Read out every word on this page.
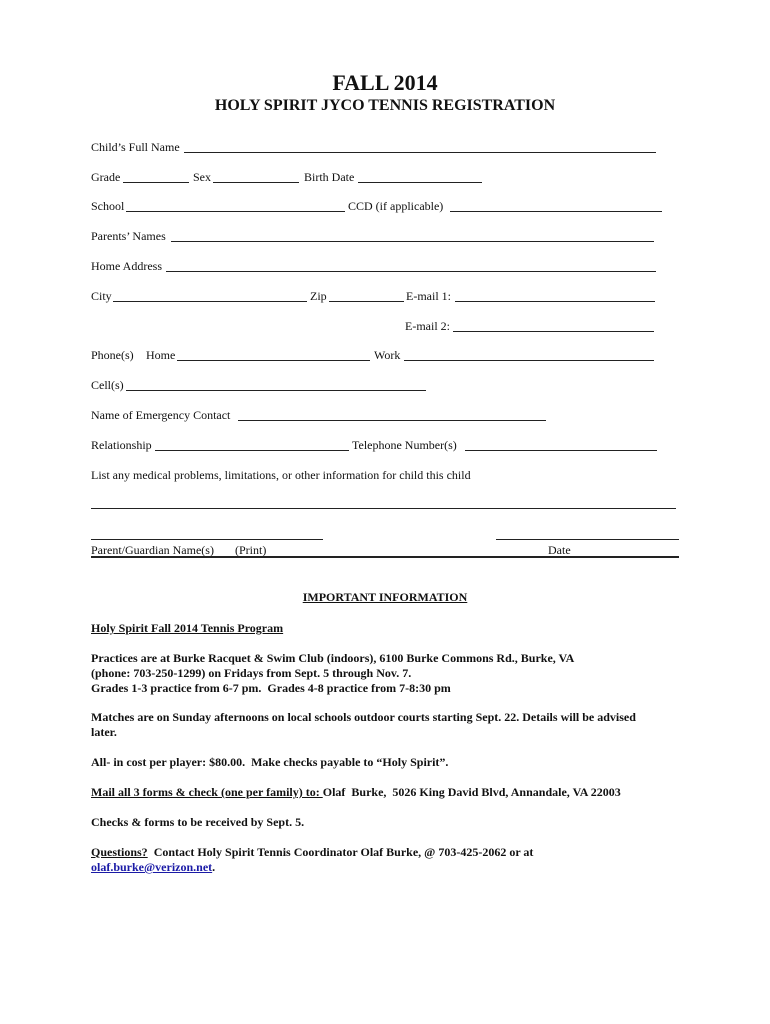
FALL 2014
HOLY SPIRIT JYCO TENNIS REGISTRATION
Child’s Full Name
Grade	Sex	Birth Date
School	CCD (if applicable)
Parents’ Names
Home Address
City	Zip	E-mail 1:
E-mail 2:
Phone(s) Home	Work
Cell(s)
Name of Emergency Contact
Relationship	Telephone Number(s)
List any medical problems, limitations, or other information for child this child
Parent/Guardian Name(s) (Print)	Date
IMPORTANT INFORMATION
Holy Spirit Fall 2014 Tennis Program
Practices are at Burke Racquet & Swim Club (indoors), 6100 Burke Commons Rd., Burke, VA
(phone: 703-250-1299) on Fridays from Sept. 5 through Nov. 7.
Grades 1-3 practice from 6-7 pm.  Grades 4-8 practice from 7-8:30 pm
Matches are on Sunday afternoons on local schools outdoor courts starting Sept. 22. Details will be advised
later.
All- in cost per player: $80.00.  Make checks payable to “Holy Spirit”.
Mail all 3 forms & check (one per family) to: Olaf  Burke,  5026 King David Blvd, Annandale, VA 22003
Checks & forms to be received by Sept. 5.
Questions?  Contact Holy Spirit Tennis Coordinator Olaf Burke, @ 703-425-2062 or at
olaf.burke@verizon.net.
